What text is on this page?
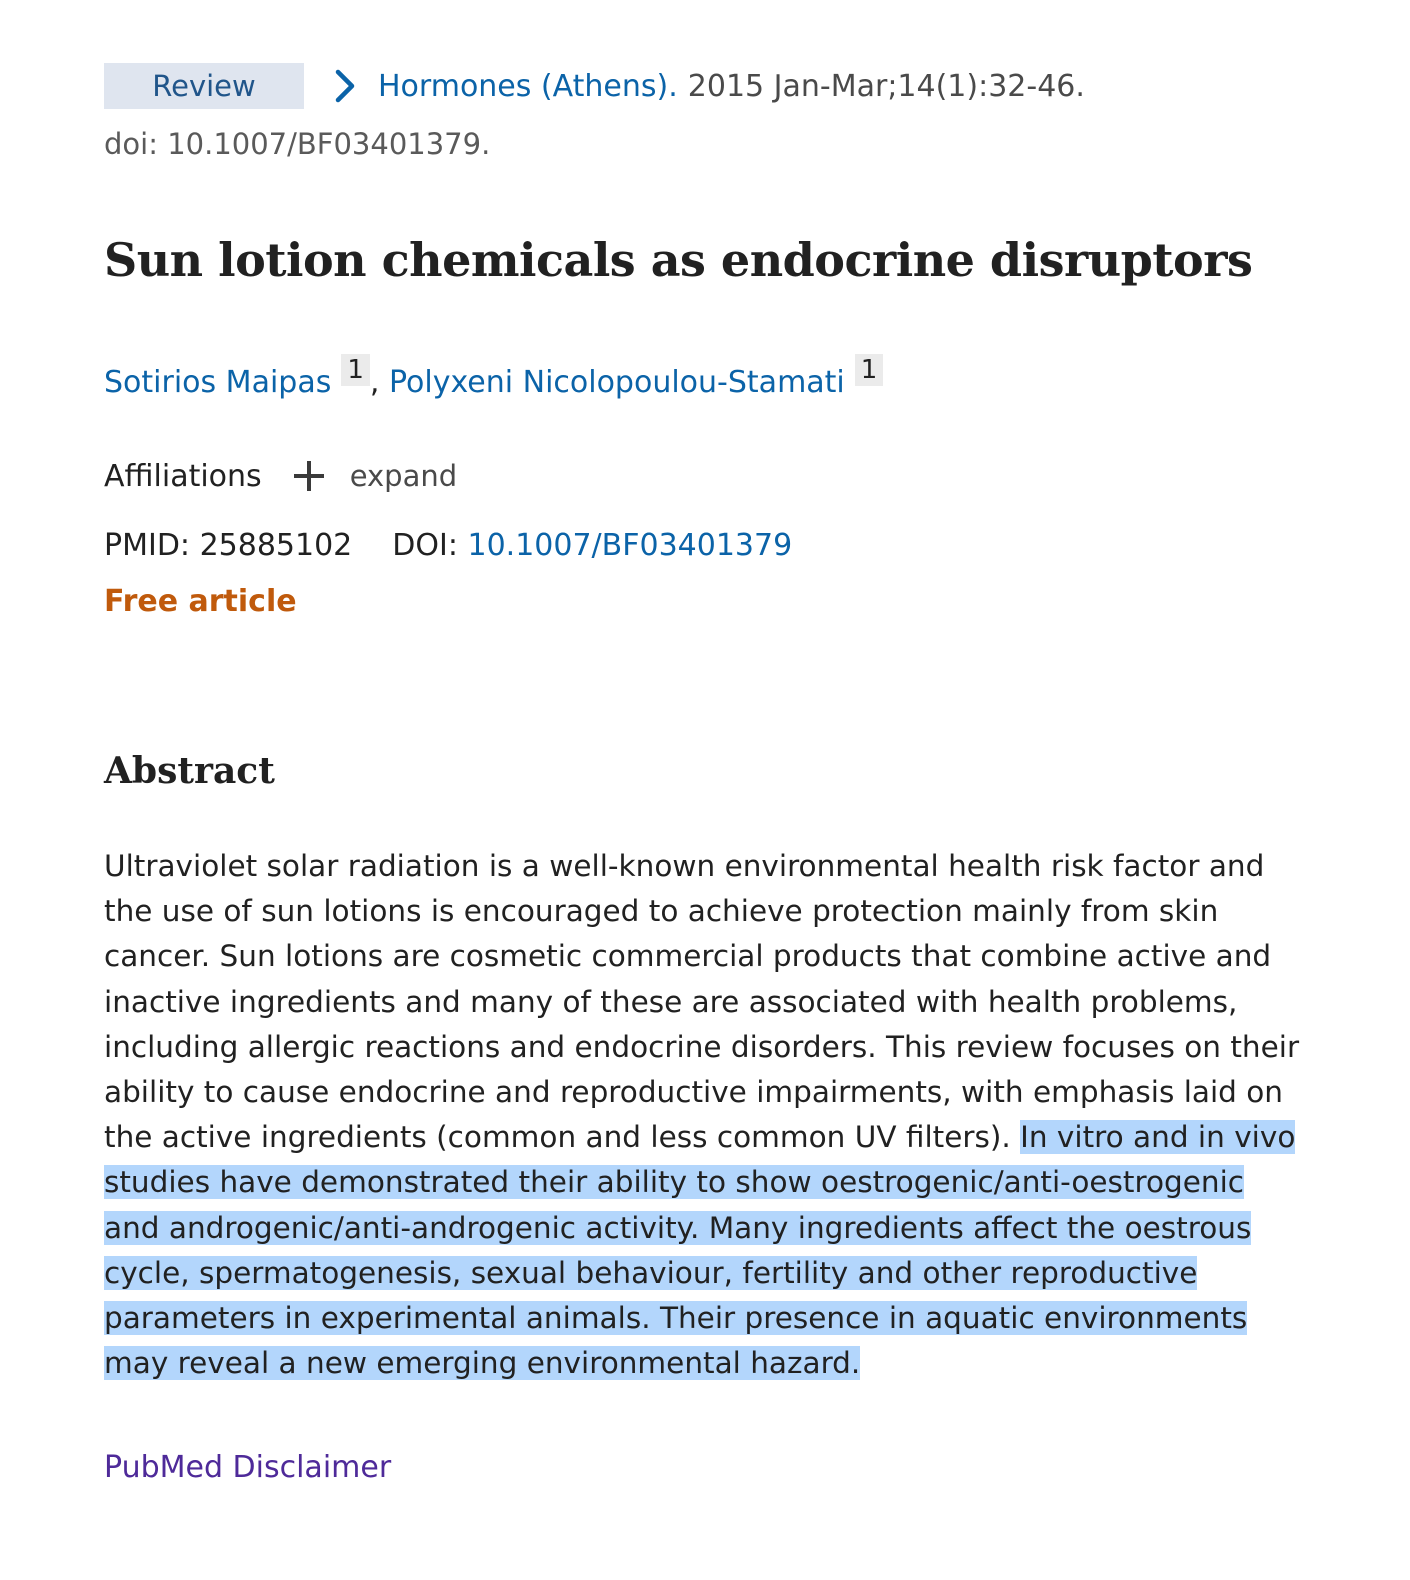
Review	Hormones (Athens). 2015 Jan-Mar;14(1):32-46.
doi: 10.1007/BF03401379.
Sun lotion chemicals as endocrine disruptors
Sotirios Maipas 1 , Polyxeni Nicolopoulou-Stamati 1
Affiliations	expand
PMID: 25885102 DOI: 10.1007/BF03401379
Free article
Abstract
Ultraviolet solar radiation is a well-known environmental health risk factor and the use of sun lotions is encouraged to achieve protection mainly from skin cancer. Sun lotions are cosmetic commercial products that combine active and inactive ingredients and many of these are associated with health problems, including allergic reactions and endocrine disorders. This review focuses on their ability to cause endocrine and reproductive impairments, with emphasis laid on the active ingredients (common and less common UV filters). In vitro and in vivo studies have demonstrated their ability to show oestrogenic/anti-oestrogenic and androgenic/anti-androgenic activity. Many ingredients affect the oestrous cycle, spermatogenesis, sexual behaviour, fertility and other reproductive parameters in experimental animals. Their presence in aquatic environments may reveal a new emerging environmental hazard.
PubMed Disclaimer
